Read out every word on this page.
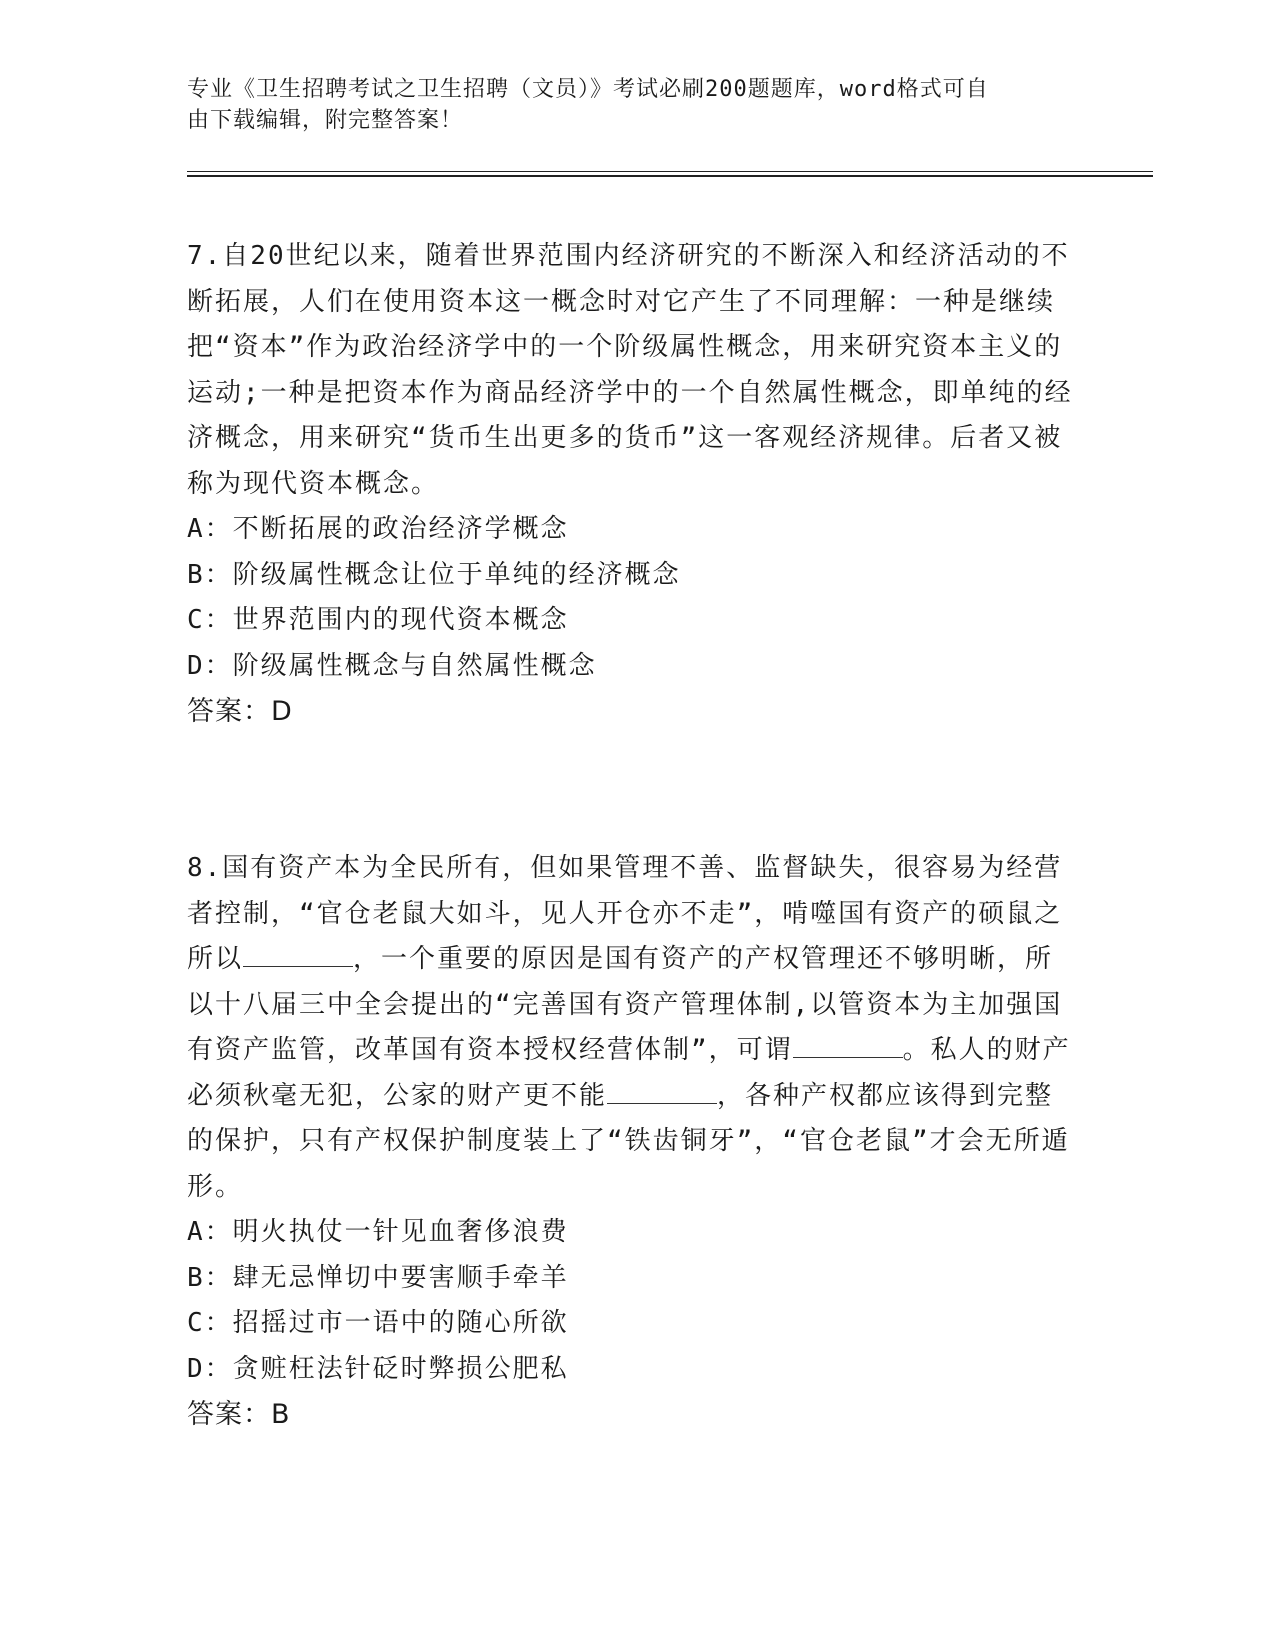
专业《卫生招聘考试之卫生招聘（文员）》考试必刷200题题库，word格式可自
由下载编辑，附完整答案！

7.自20世纪以来，随着世界范围内经济研究的不断深入和经济活动的不断拓展，人们在使用资本这一概念时对它产生了不同理解：一种是继续把“资本”作为政治经济学中的一个阶级属性概念，用来研究资本主义的运动;一种是把资本作为商品经济学中的一个自然属性概念，即单纯的经济概念，用来研究“货币生出更多的货币”这一客观经济规律。后者又被称为现代资本概念。

A：不断拓展的政治经济学概念

B：阶级属性概念让位于单纯的经济概念

C：世界范围内的现代资本概念

D：阶级属性概念与自然属性概念

答案：D

8.国有资产本为全民所有，但如果管理不善、监督缺失，很容易为经营者控制，“官仓老鼠大如斗，见人开仓亦不走”，啃噬国有资产的硕鼠之所以	，一个重要的原因是国有资产的产权管理还不够明晰，所以十八届三中全会提出的“完善国有资产管理体制,以管资本为主加强国有资产监管，改革国有资本授权经营体制”，可谓	。私人的财产必须秋毫无犯，公家的财产更不能	，各种产权都应该得到完整的保护，只有产权保护制度装上了“铁齿铜牙”，“官仓老鼠”才会无所遁形。

A：明火执仗一针见血奢侈浪费

B：肆无忌惮切中要害顺手牵羊

C：招摇过市一语中的随心所欲

D：贪赃枉法针砭时弊损公肥私

答案：B
